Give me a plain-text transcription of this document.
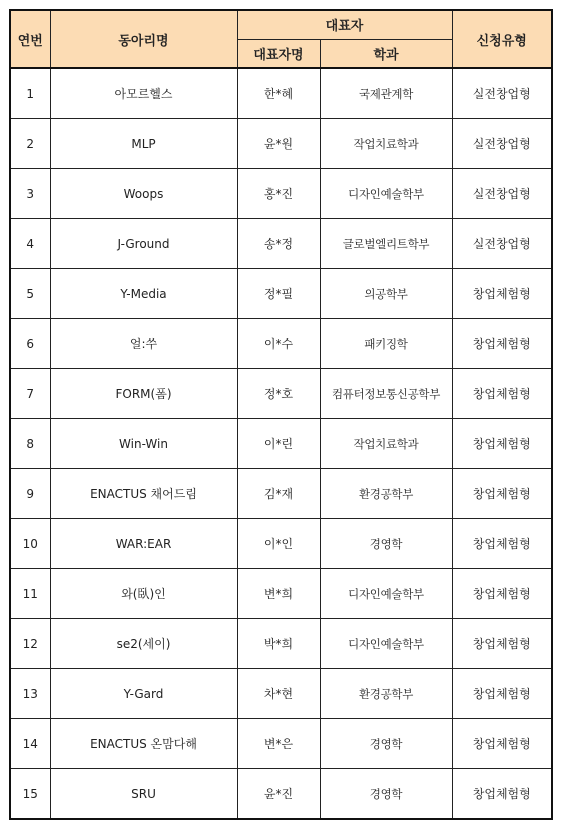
연번	동아리명	대표자		신청유형
		대표자명	학과	
1	아모르헬스	한*혜	국제관계학	실전창업형
2	MLP	윤*원	작업치료학과	실전창업형
3	Woops	홍*진	디자인예술학부	실전창업형
4	J-Ground	송*정	글로벌엘리트학부	실전창업형
5	Y-Media	정*필	의공학부	창업체험형
6	얼:쑤	이*수	패키징학	창업체험형
7	FORM(폼)	정*호	컴퓨터정보통신공학부	창업체험형
8	Win-Win	이*린	작업치료학과	창업체험형
9	ENACTUS 채어드림	김*재	환경공학부	창업체험형
10	WAR:EAR	이*인	경영학	창업체험형
11	와(臥)인	변*희	디자인예술학부	창업체험형
12	se2(세이)	박*희	디자인예술학부	창업체험형
13	Y-Gard	차*현	환경공학부	창업체험형
14	ENACTUS 온맘다해	변*은	경영학	창업체험형
15	SRU	윤*진	경영학	창업체험형
